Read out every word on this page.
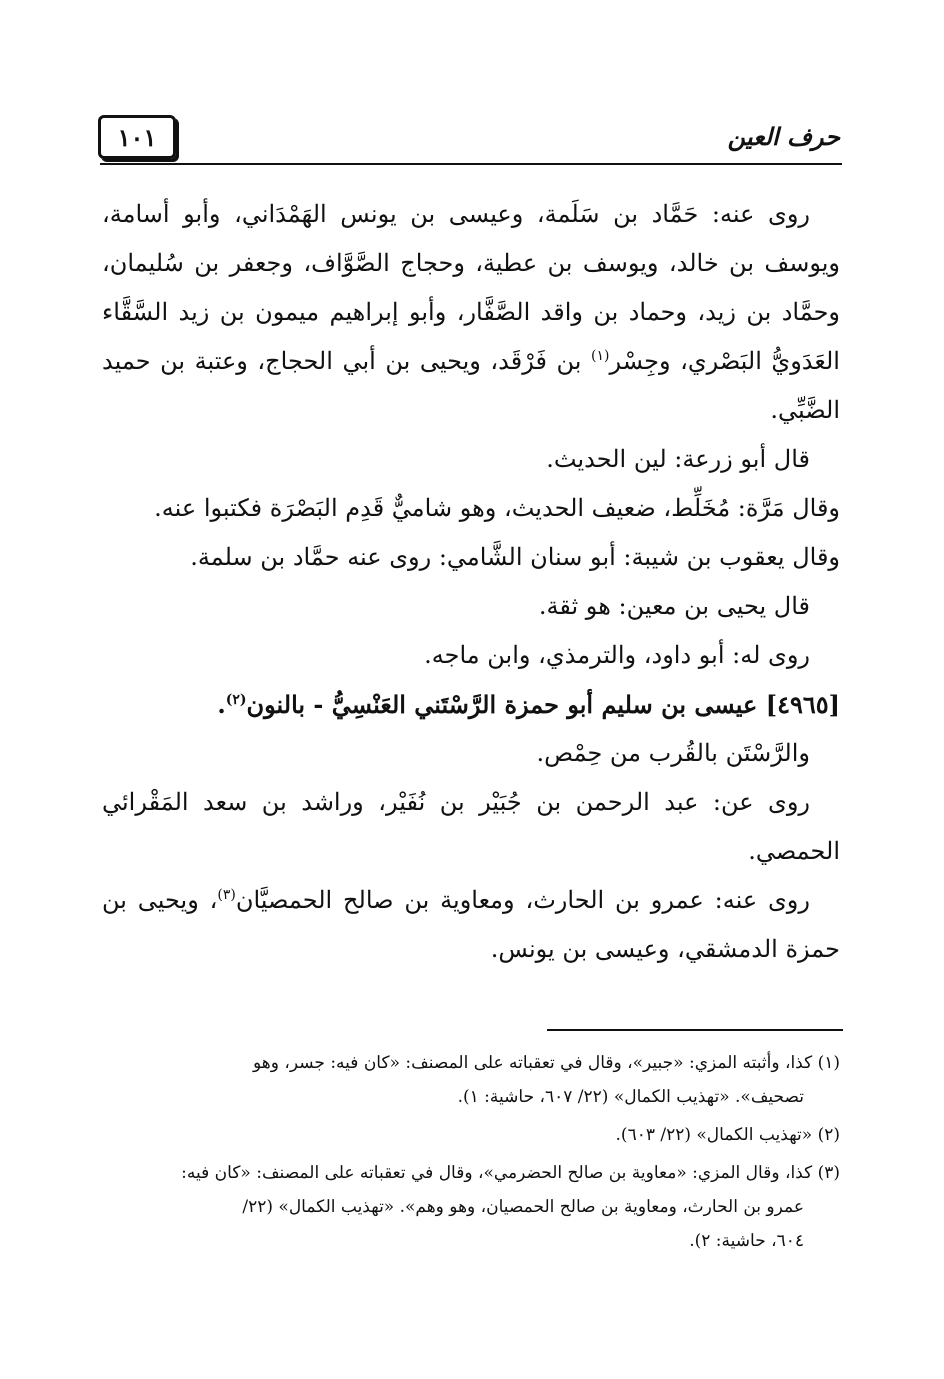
١٠١	حرف العين

روى عنه: حَمَّاد بن سَلَمة، وعيسى بن يونس الهَمْدَاني، وأبو أسامة، ويوسف بن خالد، ويوسف بن عطية، وحجاج الصَّوَّاف، وجعفر بن سُليمان، وحمَّاد بن زيد، وحماد بن واقد الصَّفَّار، وأبو إبراهيم ميمون بن زيد السَّقَّاء العَدَويُّ البَصْري، وجِسْر$^{(١)}$ بن فَرْقَد، ويحيى بن أبي الحجاج، وعتبة بن حميد الضَّبِّي.

قال أبو زرعة: لين الحديث.

وقال مَرَّة: مُخَلِّط، ضعيف الحديث، وهو شاميٌّ قَدِم البَصْرَة فكتبوا عنه.

وقال يعقوب بن شيبة: أبو سنان الشَّامي: روى عنه حمَّاد بن سلمة.

قال يحيى بن معين: هو ثقة.

روى له: أبو داود، والترمذي، وابن ماجه.

[٤٩٦٥] عيسى بن سليم أبو حمزة الرَّسْتَني العَنْسِيُّ - بالنون$^{(٢)}$.

والرَّسْتَن بالقُرب من حِمْص.

روى عن: عبد الرحمن بن جُبَيْر بن نُفَيْر، وراشد بن سعد المَقْرائي الحمصي.

روى عنه: عمرو بن الحارث، ومعاوية بن صالح الحمصيَّان$^{(٣)}$، ويحيى بن حمزة الدمشقي، وعيسى بن يونس.

(١) كذا، وأثبته المزي: «جبير»، وقال في تعقباته على المصنف: «كان فيه: جسر، وهو
تصحيف». «تهذيب الكمال» (٢٢/ ٦٠٧، حاشية: ١).

(٢) «تهذيب الكمال» (٢٢/ ٦٠٣).

(٣) كذا، وقال المزي: «معاوية بن صالح الحضرمي»، وقال في تعقباته على المصنف: «كان فيه:
عمرو بن الحارث، ومعاوية بن صالح الحمصيان، وهو وهم». «تهذيب الكمال» (٢٢/
٦٠٤، حاشية: ٢).
